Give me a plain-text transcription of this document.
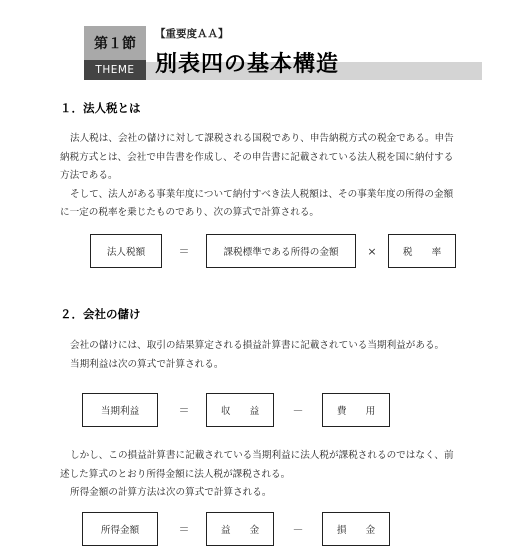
第１節
THEME
【重要度ＡＡ】
別表四の基本構造
１．法人税とは

法人税は、会社の儲けに対して課税される国税であり、申告納税方式の税金である。申告納税方式とは、会社で申告書を作成し、その申告書に記載されている法人税を国に納付する方法である。

そして、法人がある事業年度について納付すべき法人税額は、その事業年度の所得の金額に一定の税率を乗じたものであり、次の算式で計算される。

法人税額	＝	課税標準である所得の金額	×	税　　率
２．会社の儲け

会社の儲けには、取引の結果算定される損益計算書に記載されている当期利益がある。

当期利益は次の算式で計算される。

当期利益	＝	収　　益	－	費　　用

しかし、この損益計算書に記載されている当期利益に法人税が課税されるのではなく、前述した算式のとおり所得金額に法人税が課税される。

所得金額の計算方法は次の算式で計算される。

所得金額	＝	益　　金	－	損　　金
